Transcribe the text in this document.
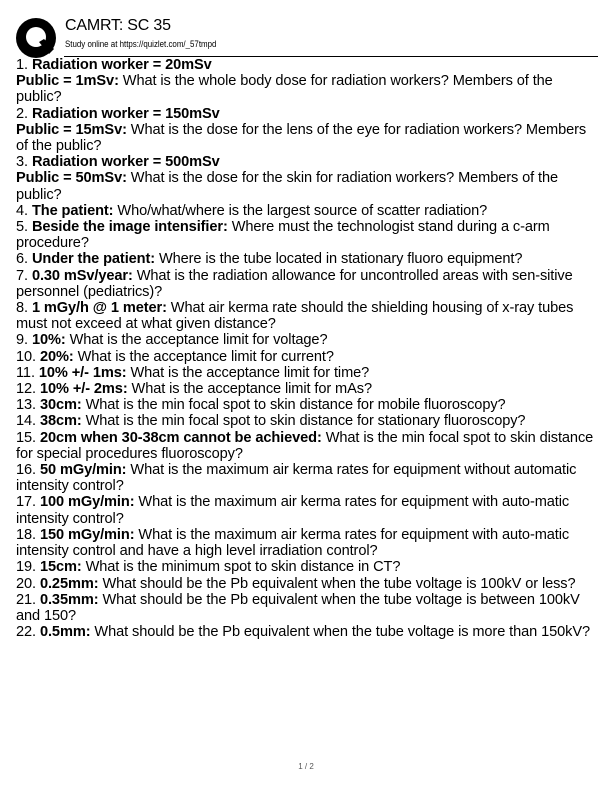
CAMRT: SC 35
Study online at https://quizlet.com/_57tmpd

1. Radiation worker = 20mSv
Public = 1mSv: What is the whole body dose for radiation workers? Members of the public?

2. Radiation worker = 150mSv
Public = 15mSv: What is the dose for the lens of the eye for radiation workers? Members of the public?

3. Radiation worker = 500mSv
Public = 50mSv: What is the dose for the skin for radiation workers? Members of the public?

4. The patient: Who/what/where is the largest source of scatter radiation?

5. Beside the image intensifier: Where must the technologist stand during a c-arm procedure?

6. Under the patient: Where is the tube located in stationary fluoro equipment?

7. 0.30 mSv/year: What is the radiation allowance for uncontrolled areas with sen-sitive personnel (pediatrics)?

8. 1 mGy/h @ 1 meter: What air kerma rate should the shielding housing of x-ray tubes must not exceed at what given distance?

9. 10%: What is the acceptance limit for voltage?

10. 20%: What is the acceptance limit for current?

11. 10% +/- 1ms: What is the acceptance limit for time?

12. 10% +/- 2ms: What is the acceptance limit for mAs?

13. 30cm: What is the min focal spot to skin distance for mobile fluoroscopy?

14. 38cm: What is the min focal spot to skin distance for stationary fluoroscopy?

15. 20cm when 30-38cm cannot be achieved: What is the min focal spot to skin distance for special procedures fluoroscopy?

16. 50 mGy/min: What is the maximum air kerma rates for equipment without automatic intensity control?

17. 100 mGy/min: What is the maximum air kerma rates for equipment with auto-matic intensity control?

18. 150 mGy/min: What is the maximum air kerma rates for equipment with auto-matic intensity control and have a high level irradiation control?

19. 15cm: What is the minimum spot to skin distance in CT?

20. 0.25mm: What should be the Pb equivalent when the tube voltage is 100kV or less?

21. 0.35mm: What should be the Pb equivalent when the tube voltage is between 100kV and 150?

22. 0.5mm: What should be the Pb equivalent when the tube voltage is more than 150kV?

1 / 2
